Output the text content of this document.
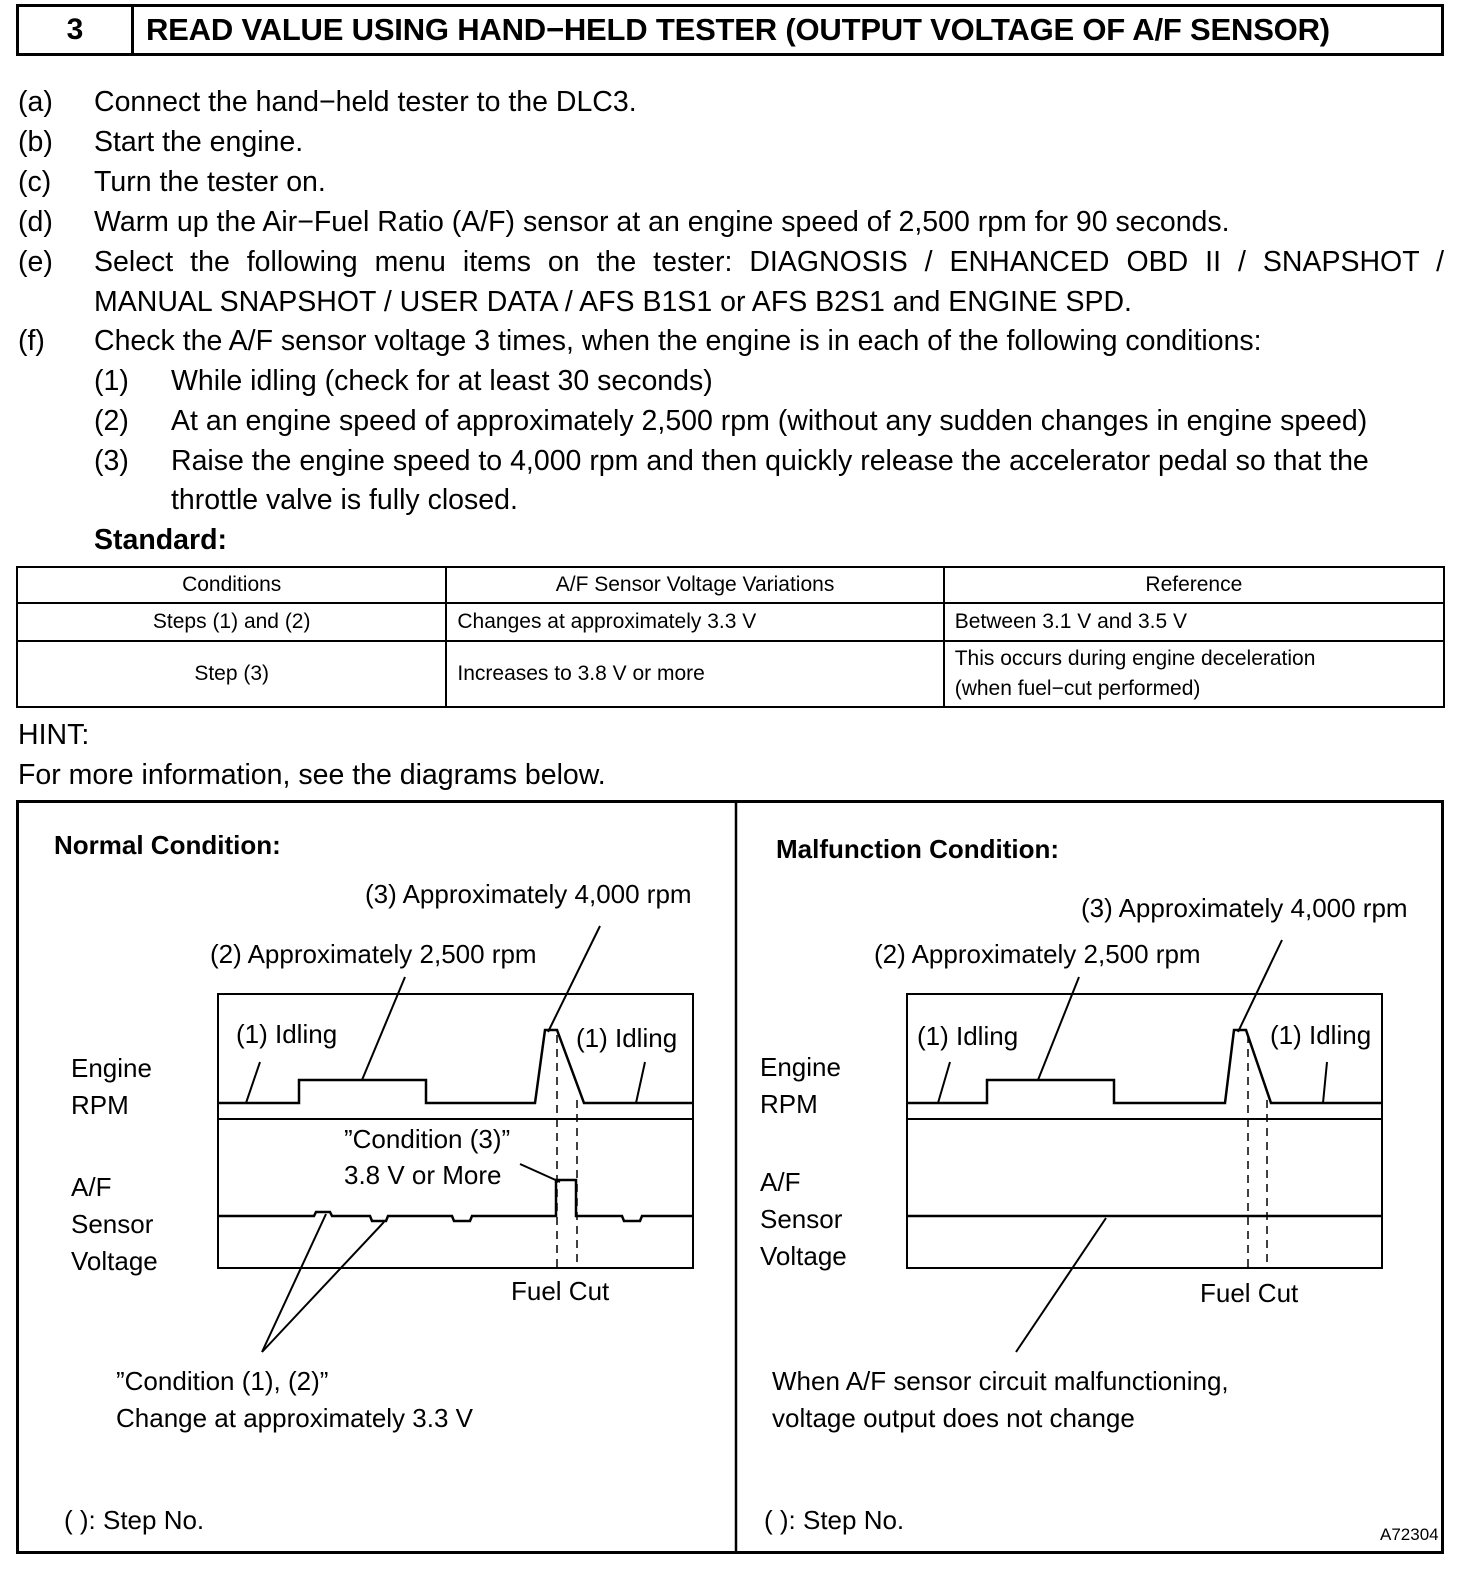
3	READ VALUE USING HAND−HELD TESTER (OUTPUT VOLTAGE OF A/F SENSOR)
(a) Connect the hand−held tester to the DLC3.
(b) Start the engine.
(c) Turn the tester on.
(d) Warm up the Air−Fuel Ratio (A/F) sensor at an engine speed of 2,500 rpm for 90 seconds.
(e) Select the following menu items on the tester: DIAGNOSIS / ENHANCED OBD II / SNAPSHOT /
MANUAL SNAPSHOT / USER DATA / AFS B1S1 or AFS B2S1 and ENGINE SPD.
(f) Check the A/F sensor voltage 3 times, when the engine is in each of the following conditions:
(1) While idling (check for at least 30 seconds)
(2) At an engine speed of approximately 2,500 rpm (without any sudden changes in engine speed)
(3) Raise the engine speed to 4,000 rpm and then quickly release the accelerator pedal so that the
throttle valve is fully closed.
Standard:
Conditions	A/F Sensor Voltage Variations	Reference
Steps (1) and (2)	Changes at approximately 3.3 V	Between 3.1 V and 3.5 V
Step (3)	Increases to 3.8 V or more	This occurs during engine deceleration
(when fuel−cut performed)
HINT:
For more information, see the diagrams below.
Normal Condition:
(3) Approximately 4,000 rpm
(2) Approximately 2,500 rpm
(1) Idling	(1) Idling
Engine
RPM
”Condition (3)”
3.8 V or More
A/F
Sensor
Voltage
Fuel Cut
”Condition (1), (2)”
Change at approximately 3.3 V
( ): Step No.
Malfunction Condition:
(3) Approximately 4,000 rpm
(2) Approximately 2,500 rpm
(1) Idling	(1) Idling
Engine
RPM
A/F
Sensor
Voltage
Fuel Cut
When A/F sensor circuit malfunctioning,
voltage output does not change
( ): Step No.	A72304
